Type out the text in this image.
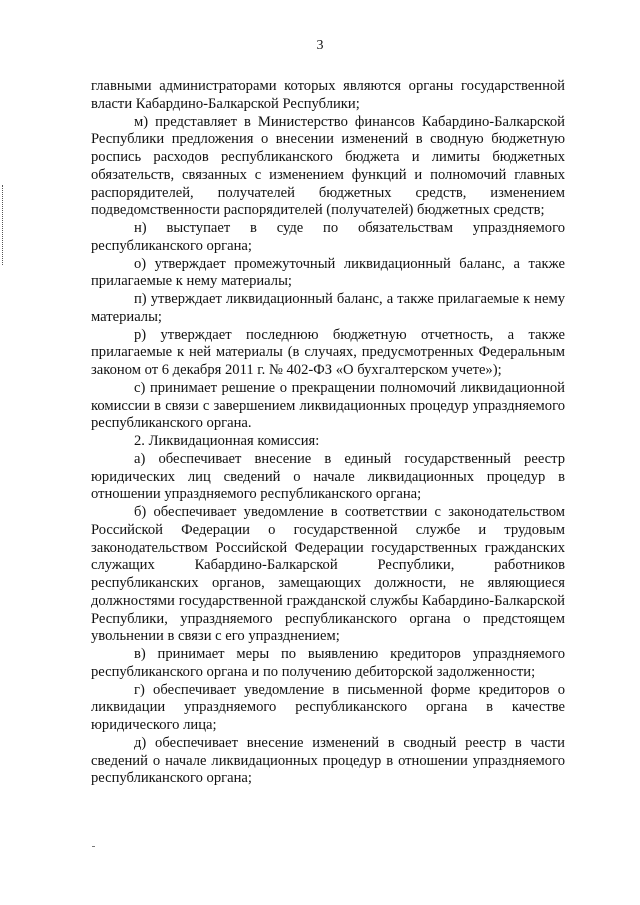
3

главными администраторами которых являются органы государственной власти Кабардино-Балкарской Республики;

м) представляет в Министерство финансов Кабардино-Балкарской Республики предложения о внесении изменений в сводную бюджетную роспись расходов республиканского бюджета и лимиты бюджетных обязательств, связанных с изменением функций и полномочий главных распорядителей, получателей бюджетных средств, изменением подведомственности распорядителей (получателей) бюджетных средств;

н) выступает в суде по обязательствам упраздняемого республиканского органа;

о) утверждает промежуточный ликвидационный баланс, а также прилагаемые к нему материалы;

п) утверждает ликвидационный баланс, а также прилагаемые к нему материалы;

р) утверждает последнюю бюджетную отчетность, а также прилагаемые к ней материалы (в случаях, предусмотренных Федеральным законом от 6 декабря 2011 г. № 402-ФЗ «О бухгалтерском учете»);

с) принимает решение о прекращении полномочий ликвидационной комиссии в связи с завершением ликвидационных процедур упраздняемого республиканского органа.

2. Ликвидационная комиссия:

а) обеспечивает внесение в единый государственный реестр юридических лиц сведений о начале ликвидационных процедур в отношении упраздняемого республиканского органа;

б) обеспечивает уведомление в соответствии с законодательством Российской Федерации о государственной службе и трудовым законодательством Российской Федерации государственных гражданских служащих Кабардино-Балкарской Республики, работников республиканских органов, замещающих должности, не являющиеся должностями государственной гражданской службы Кабардино-Балкарской Республики, упраздняемого республиканского органа о предстоящем увольнении в связи с его упразднением;

в) принимает меры по выявлению кредиторов упраздняемого республиканского органа и по получению дебиторской задолженности;

г) обеспечивает уведомление в письменной форме кредиторов о ликвидации упраздняемого республиканского органа в качестве юридического лица;

д) обеспечивает внесение изменений в сводный реестр в части сведений о начале ликвидационных процедур в отношении упраздняемого республиканского органа;
